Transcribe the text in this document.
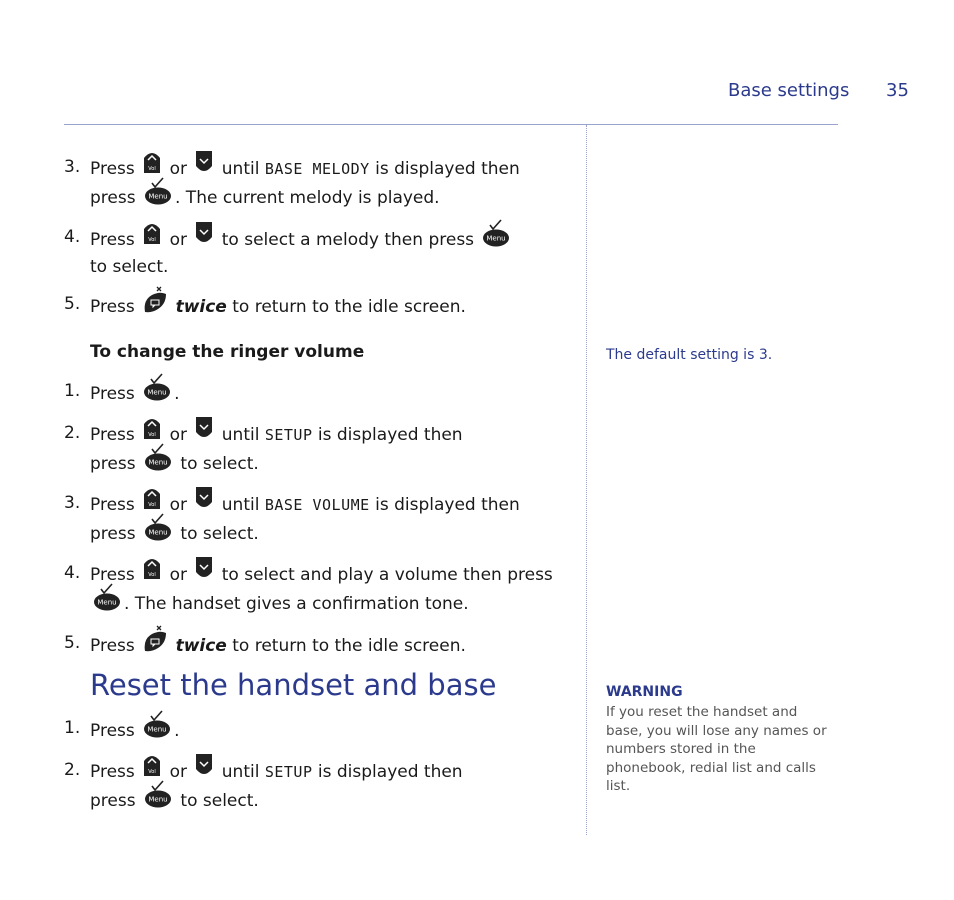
Base settings 35
3. Press	Vol or until BASE MELODY is displayed then
press Menu . The current melody is played.
4. Press	Vol or to select a melody then press Menu

to select.
5. Press twice to return to the idle screen.
To change the ringer volume
1. Press Menu .
2. Press	Vol or until SETUP is displayed then
press Menu to select.
3. Press	Vol or until BASE VOLUME is displayed then
press Menu to select.
4. Press	Vol or to select and play a volume then press

Menu . The handset gives a confirmation tone.
5. Press twice to return to the idle screen.
Reset the handset and base
1. Press Menu .
2. Press	Vol or until SETUP is displayed then
press Menu to select.
The default setting is 3.
WARNING
If you reset the handset and base, you will lose any names or numbers stored in the phonebook, redial list and calls list.
